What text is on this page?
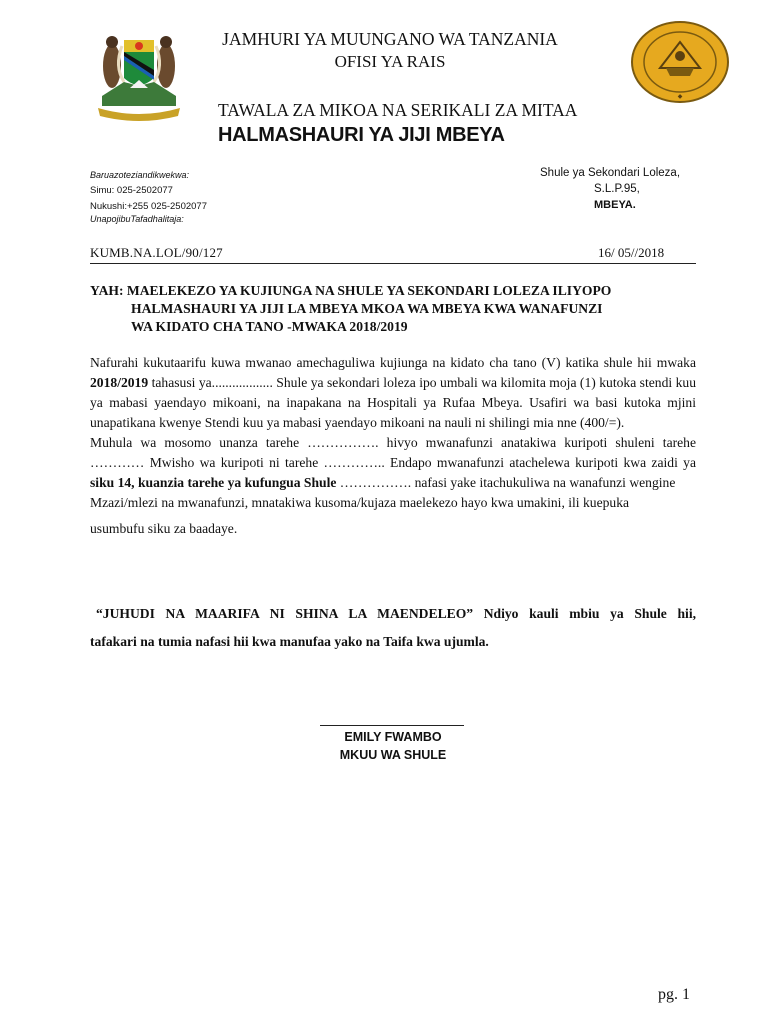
◆
JAMHURI YA MUUNGANO WA TANZANIA
OFISI YA RAIS
TAWALA ZA MIKOA NA SERIKALI ZA MITAA
HALMASHAURI YA JIJI MBEYA
Baruazoteziandikwekwa:
Simu: 025-2502077
Nukushi:+255 025-2502077
UnapojibuTafadhalitaja:
Shule ya Sekondari Loleza,
S.L.P.95,
MBEYA.
KUMB.NA.LOL/90/127	16/ 05//2018
YAH: MAELEKEZO YA KUJIUNGA NA SHULE YA SEKONDARI LOLEZA ILIYOPO
HALMASHAURI YA JIJI LA MBEYA MKOA WA MBEYA KWA WANAFUNZI
WA KIDATO CHA TANO -MWAKA 2018/2019

Nafurahi kukutaarifu kuwa mwanao amechaguliwa kujiunga na kidato cha tano (V) katika shule hii mwaka 2018/2019 tahasusi ya.................. Shule ya sekondari loleza ipo umbali wa kilomita moja (1) kutoka stendi kuu ya mabasi yaendayo mikoani, na inapakana na Hospitali ya Rufaa Mbeya. Usafiri wa basi kutoka mjini unapatikana kwenye Stendi kuu ya mabasi yaendayo mikoani na nauli ni shilingi mia nne (400/=).

Muhula wa mosomo unanza tarehe ……………. hivyo mwanafunzi anatakiwa kuripoti shuleni tarehe ………… Mwisho wa kuripoti ni tarehe ………….. Endapo mwanafunzi atachelewa kuripoti kwa zaidi ya siku 14, kuanzia tarehe ya kufungua Shule ……………. nafasi yake itachukuliwa na wanafunzi wengine

Mzazi/mlezi na mwanafunzi, mnatakiwa kusoma/kujaza maelekezo hayo kwa umakini, ili kuepuka

usumbufu siku za baadaye.

“JUHUDI NA MAARIFA NI SHINA LA MAENDELEO” Ndiyo kauli mbiu ya Shule hii,
tafakari na tumia nafasi hii kwa manufaa yako na Taifa kwa ujumla.
EMILY FWAMBO
MKUU WA SHULE
pg. 1
